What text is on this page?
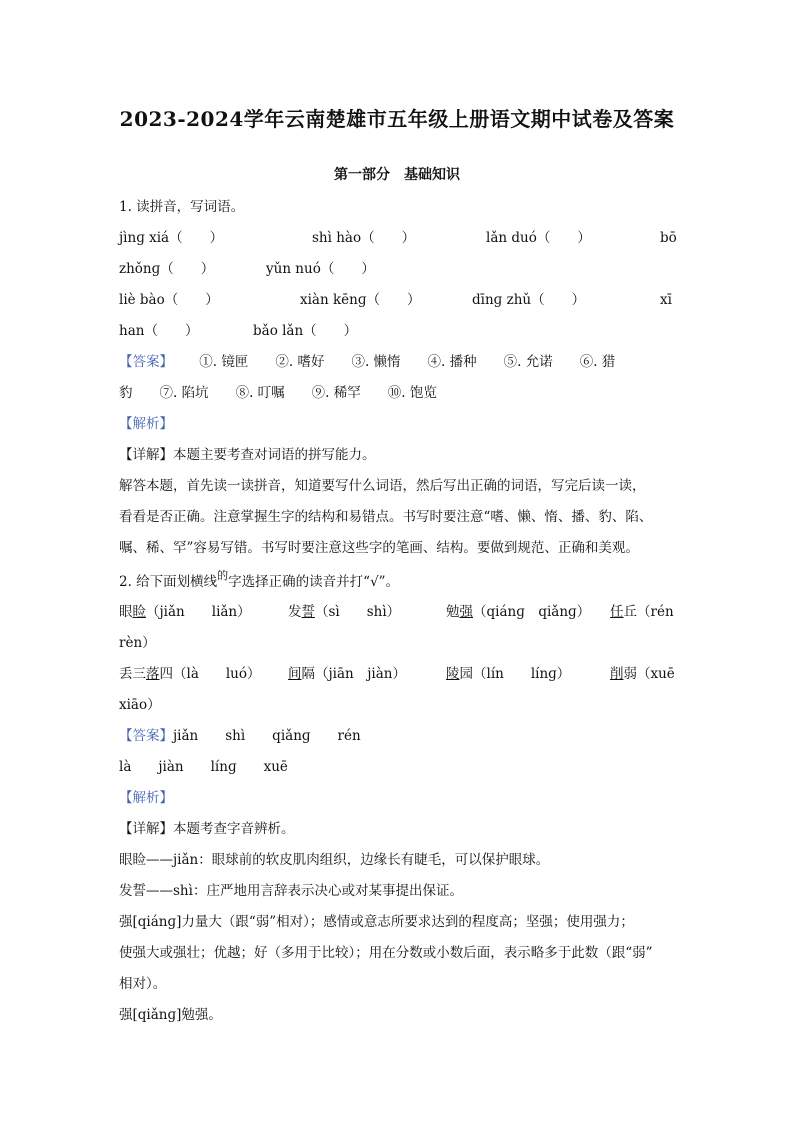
2023-2024学年云南楚雄市五年级上册语文期中试卷及答案
第一部分　基础知识
1. 读拼音，写词语。
jìnɡ xiá（　　）	shì hào（　　）	lǎn duó（　　）	bō
zhǒnɡ（　　）	yǔn nuó（　　）
liè bào（　　）	xiàn kēnɡ（　　）	dīnɡ zhǔ（　　）	xī
han（　　）	bǎo lǎn（　　）
【答案】 ①. 镜匣　　②. 嗜好　　③. 懒惰　　④. 播种　　⑤. 允诺　　⑥. 猎
豹　　⑦. 陷坑　　⑧. 叮嘱　　⑨. 稀罕　　⑩. 饱览
【解析】
【详解】本题主要考查对词语的拼写能力。
解答本题，首先读一读拼音，知道要写什么词语，然后写出正确的词语，写完后读一读，
看看是否正确。注意掌握生字的结构和易错点。书写时要注意“嗜、懒、惰、播、豹、陷、
嘱、稀、罕”容易写错。书写时要注意这些字的笔画、结构。要做到规范、正确和美观。
2. 给下面划横线$^的$字选择正确的读音并打“√”。
眼睑（jiǎn　　liǎn）	发誓（sì　　shì）	勉强（qiánɡ　qiǎnɡ） 任丘（rén
rèn）
丢三落四（là　　luó） 间隔（jiān　jiàn）	陵园（lín　　línɡ）	削弱（xuē
xiāo）
【答案】jiǎn　　shì　　qiǎnɡ　　rén
là　　jiàn　　línɡ　　xuē
【解析】
【详解】本题考查字音辨析。
眼睑——jiǎn：眼球前的软皮肌肉组织，边缘长有睫毛，可以保护眼球。
发誓——shì：庄严地用言辞表示决心或对某事提出保证。
强[qiánɡ]力量大（跟“弱”相对）；感情或意志所要求达到的程度高；坚强；使用强力；
使强大或强壮；优越；好（多用于比较）；用在分数或小数后面，表示略多于此数（跟“弱”
相对）。
强[qiǎnɡ]勉强。
